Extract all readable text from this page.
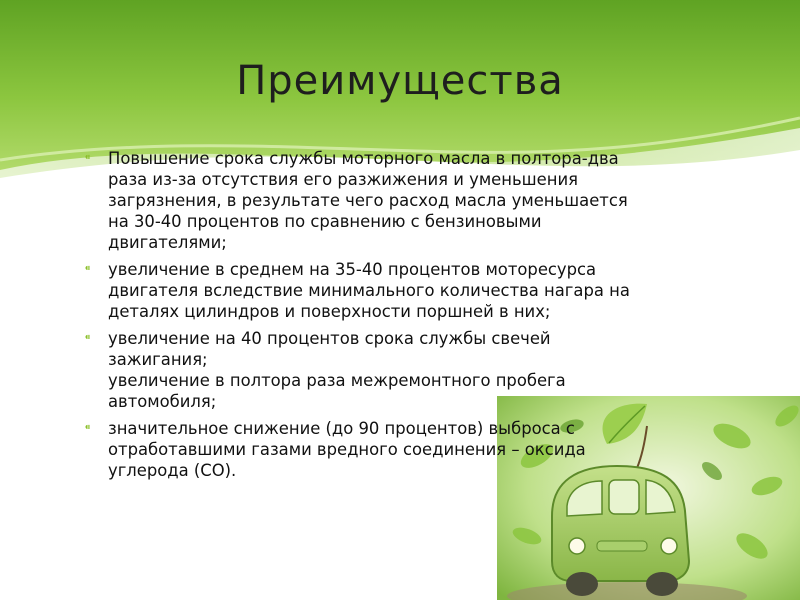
Преимущества
⁌ Повышение срока службы моторного масла в полтора-два
раза из-за отсутствия его разжижения и уменьшения
загрязнения, в результате чего расход масла уменьшается
на 30-40 процентов по сравнению с бензиновыми
двигателями;
⁌ увеличение в среднем на 35-40 процентов моторесурса
двигателя вследствие минимального количества нагара на
деталях цилиндров и поверхности поршней в них;
⁌ увеличение на 40 процентов срока службы свечей
зажигания;
увеличение в полтора раза межремонтного пробега
автомобиля;
⁌ значительное снижение (до 90 процентов) выброса с
отработавшими газами вредного соединения – оксида
углерода (CO).
